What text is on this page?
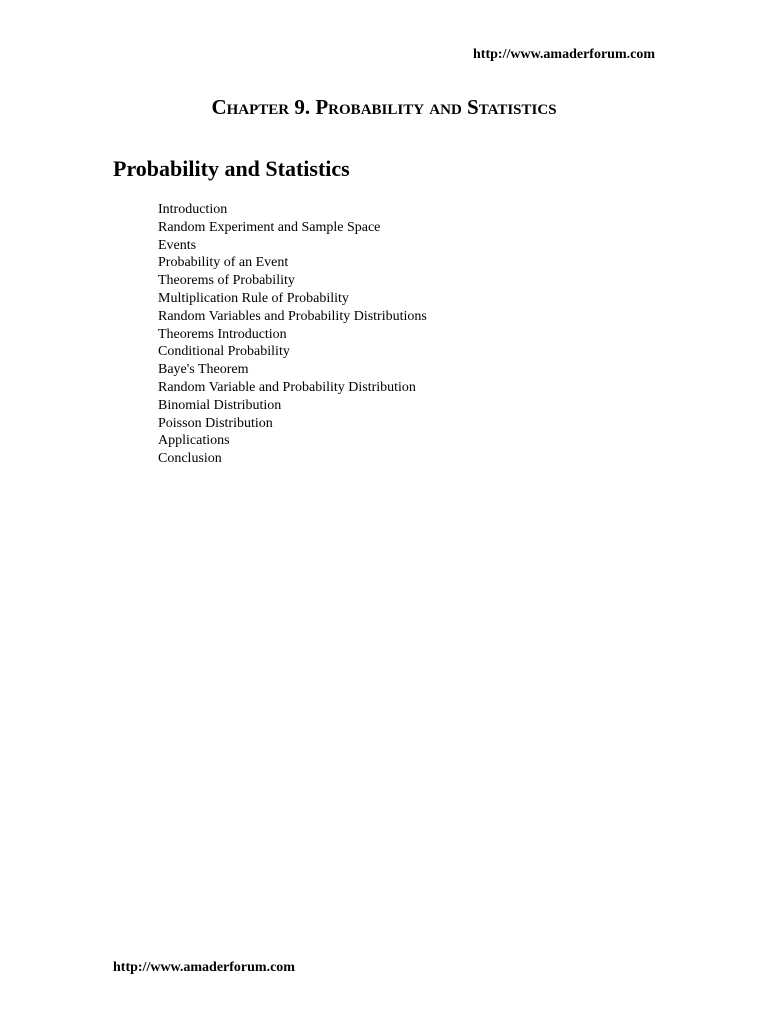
http://www.amaderforum.com
Chapter 9. Probability and Statistics
Probability and Statistics
Introduction
Random Experiment and Sample Space
Events
Probability of an Event
Theorems of Probability
Multiplication Rule of Probability
Random Variables and Probability Distributions
Theorems Introduction
Conditional Probability
Baye's Theorem
Random Variable and Probability Distribution
Binomial Distribution
Poisson Distribution
Applications
Conclusion
http://www.amaderforum.com
